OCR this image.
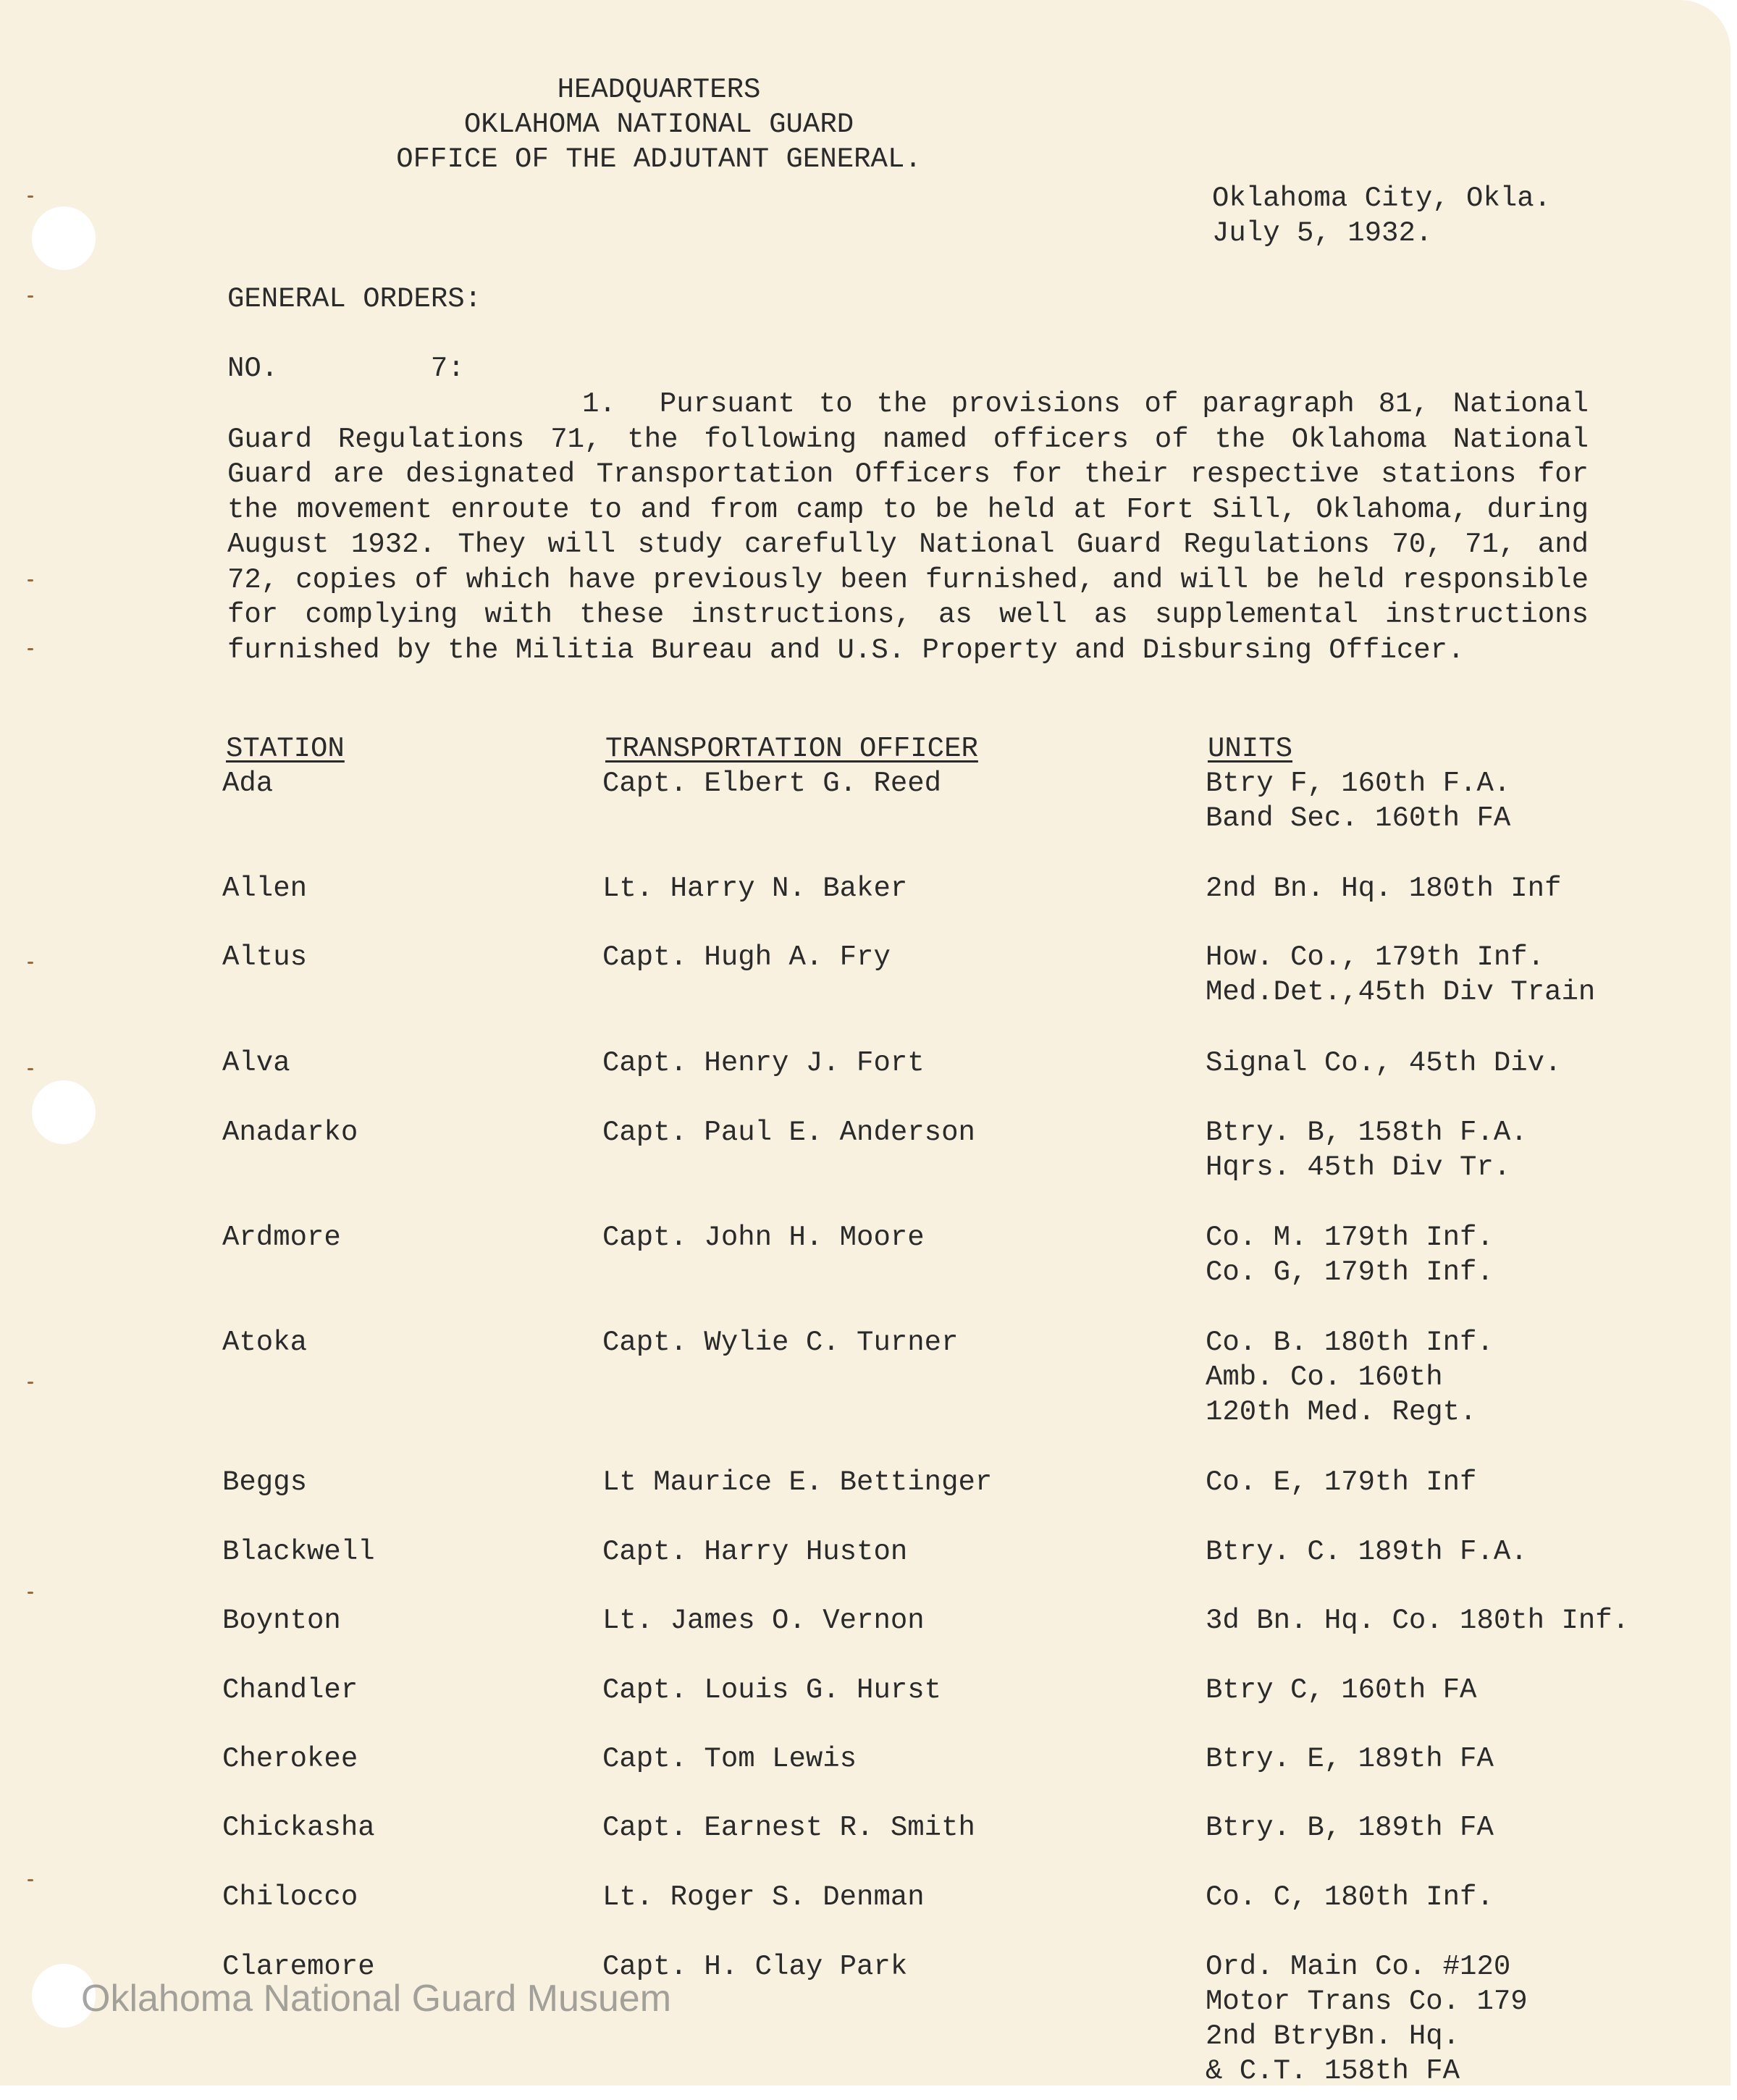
HEADQUARTERS
OKLAHOMA NATIONAL GUARD
OFFICE OF THE ADJUTANT GENERAL.
Oklahoma City, Okla.
July 5, 1932.
GENERAL ORDERS:
NO.         7:
1. Pursuant to the provisions of paragraph 81, National Guard Regulations 71, the following named officers of the Oklahoma National Guard are designated Transportation Officers for their respective stations for the movement enroute to and from camp to be held at Fort Sill, Oklahoma, during August 1932. They will study carefully National Guard Regulations 70, 71, and 72, copies of which have previously been furnished, and will be held responsible for complying with these instructions, as well as supplemental instructions furnished by the Militia Bureau and U.S. Property and Disbursing Officer.
STATION	TRANSPORTATION OFFICER	UNITS
Ada	Capt. Elbert G. Reed	Btry F, 160th F.A.
Band Sec. 160th FA
Allen	Lt. Harry N. Baker	2nd Bn. Hq. 180th Inf
Altus	Capt. Hugh A. Fry	How. Co., 179th Inf.
Med.Det.,45th Div Train
Alva	Capt. Henry J. Fort	Signal Co., 45th Div.
Anadarko	Capt. Paul E. Anderson	Btry. B, 158th F.A.
Hqrs. 45th Div Tr.
Ardmore	Capt. John H. Moore	Co. M. 179th Inf.
Co. G, 179th Inf.
Atoka	Capt. Wylie C. Turner	Co. B. 180th Inf.
Amb. Co. 160th
120th Med. Regt.
Beggs	Lt Maurice E. Bettinger	Co. E, 179th Inf
Blackwell	Capt. Harry Huston	Btry. C. 189th F.A.
Boynton	Lt. James O. Vernon	3d Bn. Hq. Co. 180th Inf.
Chandler	Capt. Louis G. Hurst	Btry C, 160th FA
Cherokee	Capt. Tom Lewis	Btry. E, 189th FA
Chickasha	Capt. Earnest R. Smith	Btry. B, 189th FA
Chilocco	Lt. Roger S. Denman	Co. C, 180th Inf.
Claremore	Capt. H. Clay Park	Ord. Main Co. #120
Motor Trans Co. 179
2nd BtryBn. Hq.
& C.T. 158th FA
Oklahoma National Guard Musuem
